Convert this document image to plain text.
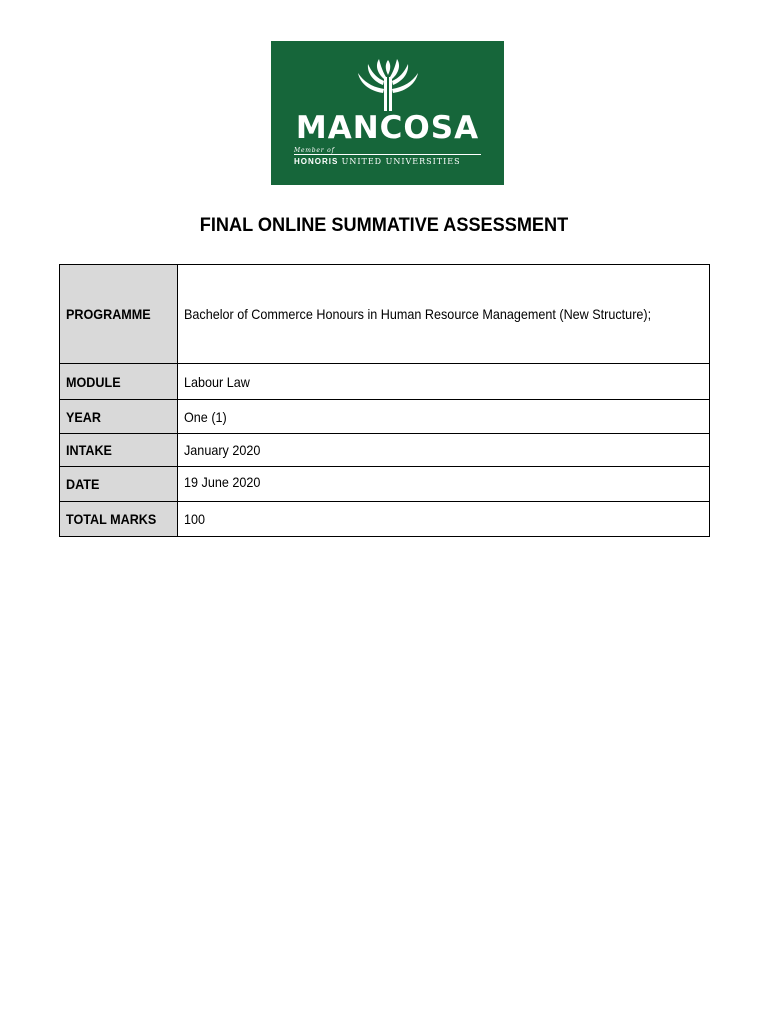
MANCOSA
Member of
HONORIS UNITED UNIVERSITIES
FINAL ONLINE SUMMATIVE ASSESSMENT
PROGRAMME	Bachelor of Commerce Honours in Human Resource Management (New Structure);
MODULE	Labour Law
YEAR	One (1)
INTAKE	January 2020
DATE	19 June 2020
TOTAL MARKS	100
